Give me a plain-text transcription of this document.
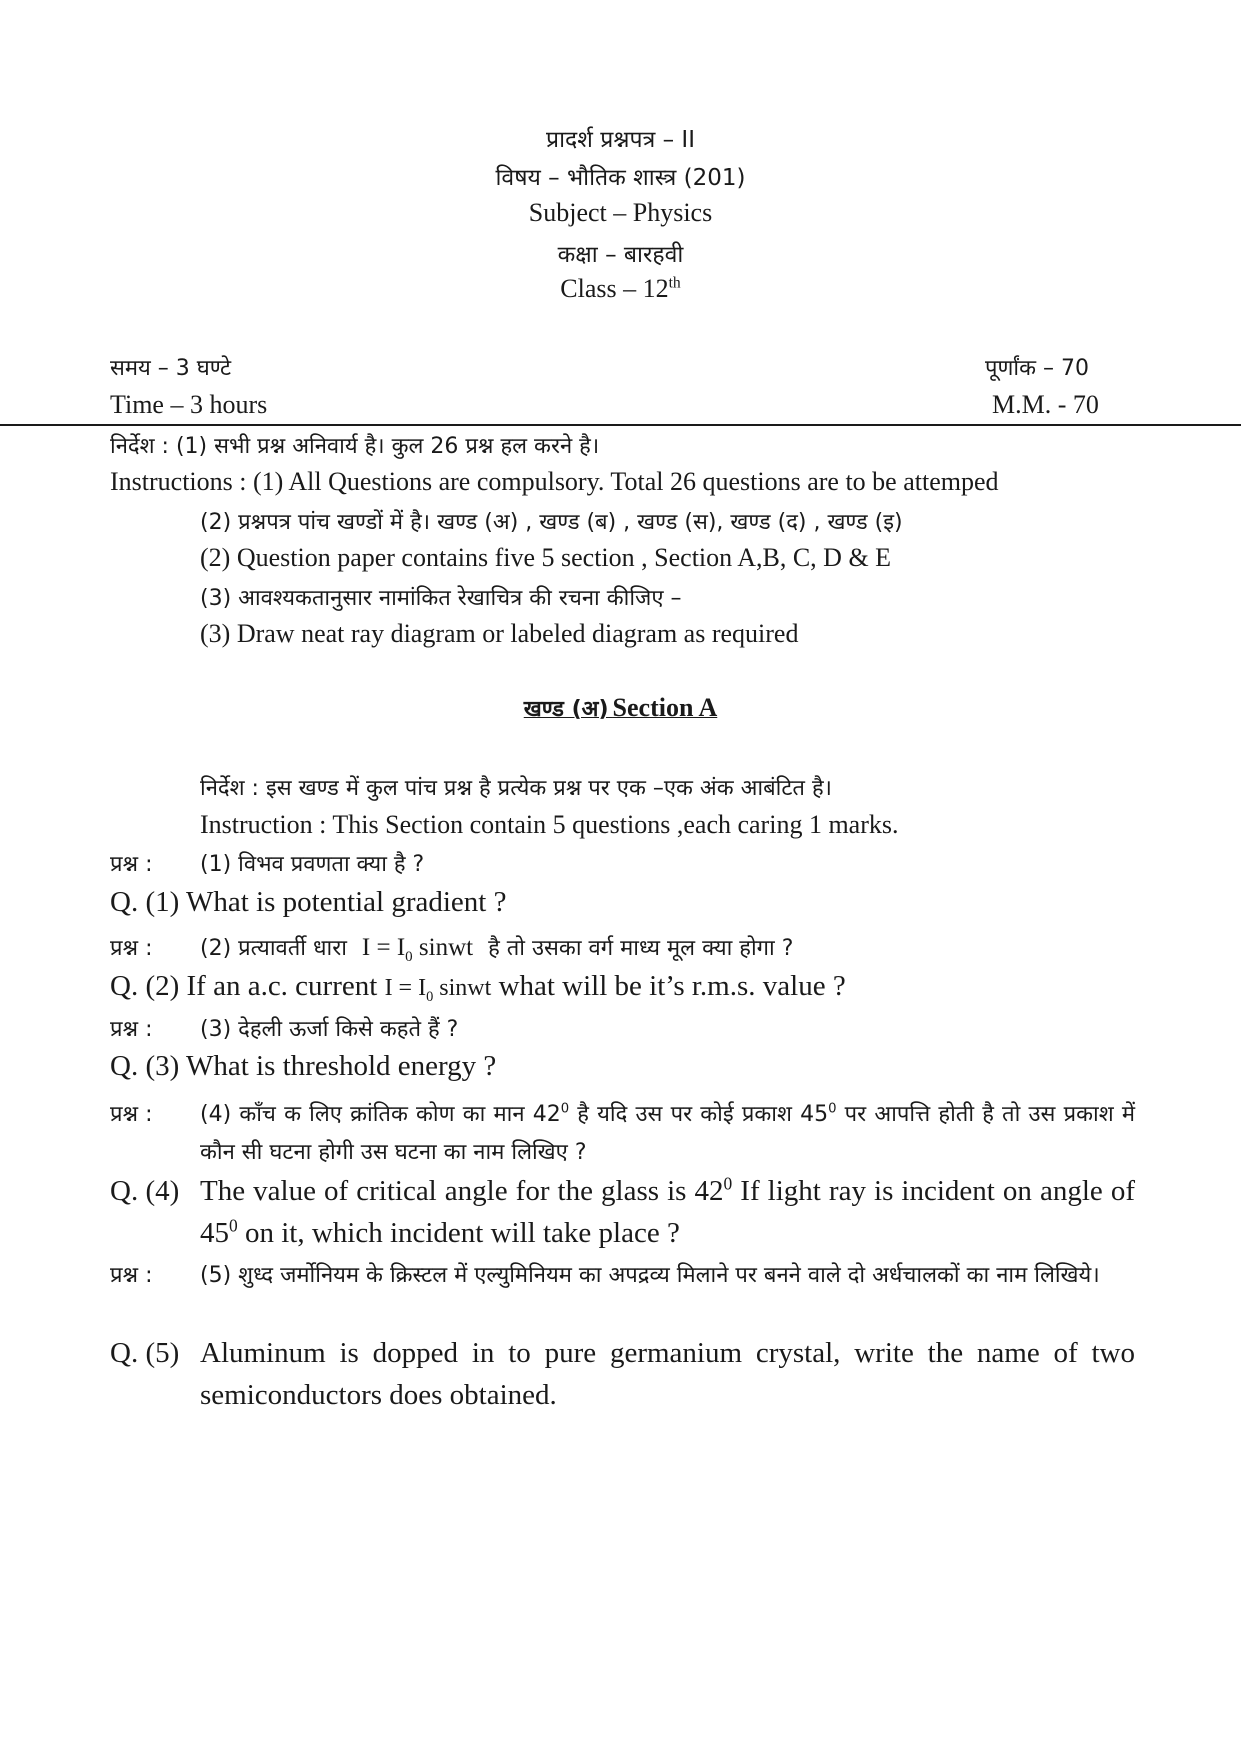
प्रादर्श प्रश्नपत्र – II
विषय – भौतिक शास्त्र (201)
Subject – Physics
कक्षा – बारहवी
Class – 12th
समय – 3 घण्टे	पूर्णांक – 70
Time – 3 hours	M.M. - 70
निर्देश : (1) सभी प्रश्न अनिवार्य है। कुल 26 प्रश्न हल करने है।
Instructions : (1) All Questions are compulsory. Total 26 questions are to be attemped
(2) प्रश्नपत्र पांच खण्डों में है। खण्ड (अ) , खण्ड (ब) , खण्ड (स), खण्ड (द) , खण्ड (इ)
(2) Question paper contains five 5 section , Section A,B, C, D & E
(3) आवश्यकतानुसार नामांकित रेखाचित्र की रचना कीजिए –
(3) Draw neat ray diagram or labeled diagram as required
खण्ड (अ) Section A
निर्देश : इस खण्ड में कुल पांच प्रश्न है प्रत्येक प्रश्न पर एक –एक अंक आबंटित है।
Instruction : This Section contain 5 questions ,each caring 1 marks.
प्रश्न : (1) विभव प्रवणता क्या है ?
Q. (1) What is potential gradient ?
प्रश्न : (2) प्रत्यावर्ती धारा $I = I_0$ sinwt है तो उसका वर्ग माध्य मूल क्या होगा ?
Q. (2) If an a.c. current $I = I_0$ sinwt what will be it’s r.m.s. value ?
प्रश्न : (3) देहली ऊर्जा किसे कहते हैं ?
Q. (3) What is threshold energy ?
प्रश्न :	(4) काँच क लिए क्रांतिक कोण का मान $42^0$ है यदि उस पर कोई प्रकाश $45^0$ पर आपत्ति होती है तो उस प्रकाश में कौन सी घटना होगी उस घटना का नाम लिखिए ?
Q. (4) The value of critical angle for the glass is $42^0$ If light ray is incident on angle of $45^0$ on it, which incident will take place ?
प्रश्न :	(5) शुध्द जर्मोनियम के क्रिस्टल में एल्युमिनियम का अपद्रव्य मिलाने पर बनने वाले दो अर्धचालकों का नाम लिखिये।
Q. (5) Aluminum is dopped in to pure germanium crystal, write the name of two semiconductors does obtained.
